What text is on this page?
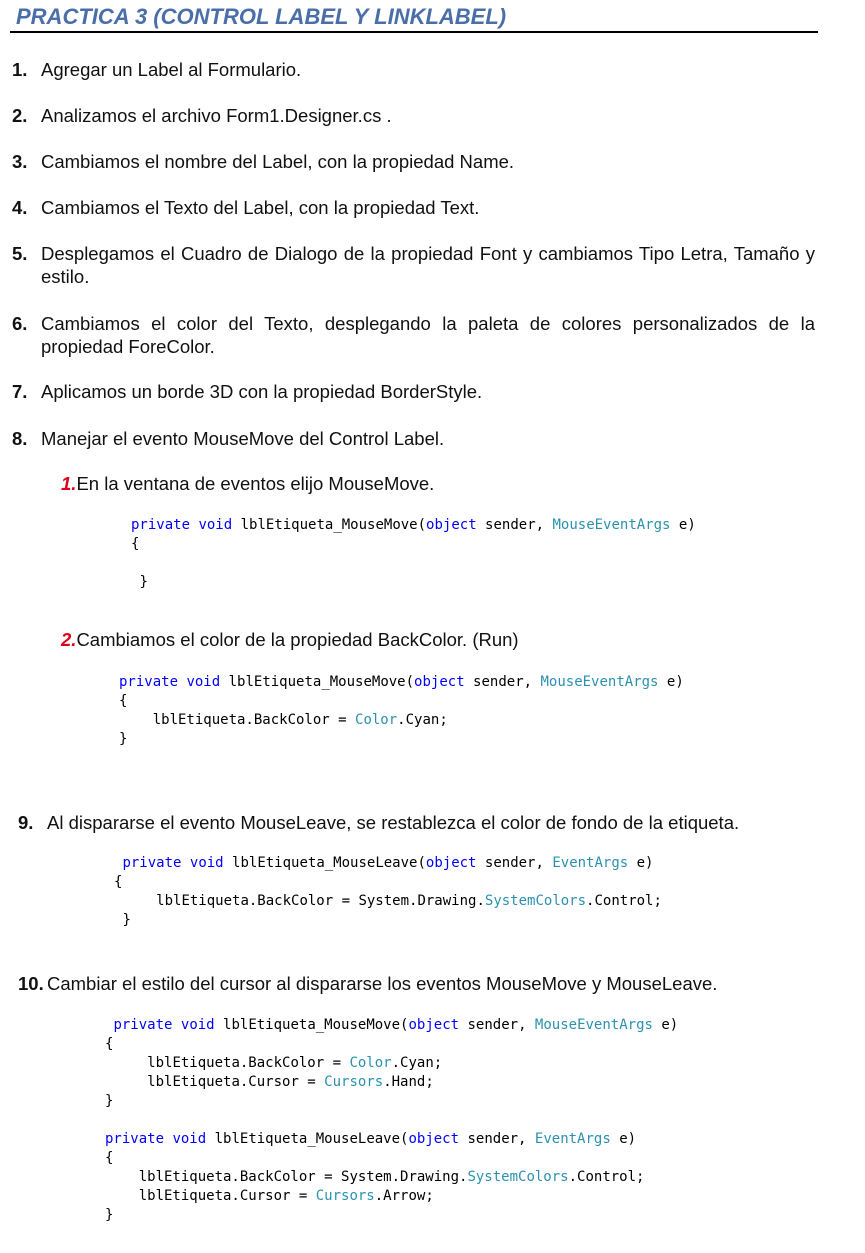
PRACTICA 3 (CONTROL LABEL Y LINKLABEL)
1. Agregar un Label al Formulario.
2. Analizamos el archivo Form1.Designer.cs .
3. Cambiamos el nombre del Label, con la propiedad Name.
4. Cambiamos el Texto del Label, con la propiedad Text.
5. Desplegamos el Cuadro de Dialogo de la propiedad Font y cambiamos Tipo Letra, Tamaño y estilo.
6. Cambiamos el color del Texto, desplegando la paleta de colores personalizados de la propiedad ForeColor.
7. Aplicamos un borde 3D con la propiedad BorderStyle.
8. Manejar el evento MouseMove del Control Label.
1.En la ventana de eventos elijo MouseMove.
private void lblEtiqueta_MouseMove(object sender, MouseEventArgs e)
{

}
2.Cambiamos el color de la propiedad BackColor. (Run)
private void lblEtiqueta_MouseMove(object sender, MouseEventArgs e)
{
lblEtiqueta.BackColor = Color.Cyan;
}
9. Al dispararse el evento MouseLeave, se restablezca el color de fondo de la etiqueta.
private void lblEtiqueta_MouseLeave(object sender, EventArgs e)
{
lblEtiqueta.BackColor = System.Drawing.SystemColors.Control;
}
10. Cambiar el estilo del cursor al dispararse los eventos MouseMove y MouseLeave.
private void lblEtiqueta_MouseMove(object sender, MouseEventArgs e)
{
lblEtiqueta.BackColor = Color.Cyan;
lblEtiqueta.Cursor = Cursors.Hand;
}

private void lblEtiqueta_MouseLeave(object sender, EventArgs e)
{
lblEtiqueta.BackColor = System.Drawing.SystemColors.Control;
lblEtiqueta.Cursor = Cursors.Arrow;
}
